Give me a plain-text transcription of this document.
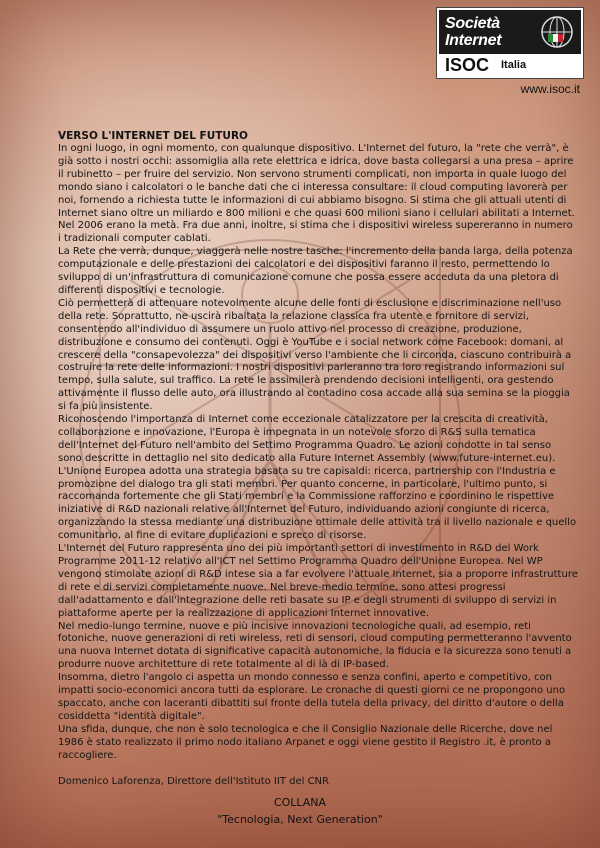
Società
Internet
ISOC Italia
www.isoc.it
VERSO L'INTERNET DEL FUTURO

In ogni luogo, in ogni momento, con qualunque dispositivo. L'Internet del futuro, la "rete che verrà", è già sotto i nostri occhi: assomiglia alla rete elettrica e idrica, dove basta collegarsi a una presa – aprire il rubinetto – per fruire del servizio. Non servono strumenti complicati, non importa in quale luogo del mondo siano i calcolatori o le banche dati che ci interessa consultare: il cloud computing lavorerà per noi, fornendo a richiesta tutte le informazioni di cui abbiamo bisogno. Si stima che gli attuali utenti di Internet siano oltre un miliardo e 800 milioni e che quasi 600 milioni siano i cellulari abilitati a Internet. Nel 2006 erano la metà. Fra due anni, inoltre, si stima che i dispositivi wireless supereranno in numero i tradizionali computer cablati.

La Rete che verrà, dunque, viaggerà nelle nostre tasche: l'incremento della banda larga, della potenza computazionale e delle prestazioni dei calcolatori e dei dispositivi faranno il resto, permettendo lo sviluppo di un'infrastruttura di comunicazione comune che possa essere acceduta da una pletora di differenti dispositivi e tecnologie.

Ciò permetterà di attenuare notevolmente alcune delle fonti di esclusione e discriminazione nell'uso della rete. Soprattutto, ne uscirà ribaltata la relazione classica fra utente e fornitore di servizi, consentendo all'individuo di assumere un ruolo attivo nel processo di creazione, produzione, distribuzione e consumo dei contenuti. Oggi è YouTube e i social network come Facebook: domani, al crescere della "consapevolezza" dei dispositivi verso l'ambiente che li circonda, ciascuno contribuirà a costruire la rete delle informazioni. I nostri dispositivi parleranno tra loro registrando informazioni sul tempo, sulla salute, sul traffico. La rete le assimilerà prendendo decisioni intelligenti, ora gestendo attivamente il flusso delle auto, ora illustrando al contadino cosa accade alla sua semina se la pioggia si fa più insistente.

Riconoscendo l'importanza di Internet come eccezionale catalizzatore per la crescita di creatività, collaborazione e innovazione, l'Europa è impegnata in un notevole sforzo di R&S sulla tematica dell'Internet del Futuro nell'ambito del Settimo Programma Quadro. Le azioni condotte in tal senso sono descritte in dettaglio nel sito dedicato alla Future Internet Assembly (www.future-internet.eu). L'Unione Europea adotta una strategia basata su tre capisaldi: ricerca, partnership con l'Industria e promozione del dialogo tra gli stati membri. Per quanto concerne, in particolare, l'ultimo punto, si raccomanda fortemente che gli Stati membri e la Commissione rafforzino e coordinino le rispettive iniziative di R&D nazionali relative all'Internet del Futuro, individuando azioni congiunte di ricerca, organizzando la stessa mediante una distribuzione ottimale delle attività tra il livello nazionale e quello comunitario, al fine di evitare duplicazioni e spreco di risorse.

L'Internet del Futuro rappresenta uno dei più importanti settori di investimento in R&D del Work Programme 2011-12 relativo all'ICT nel Settimo Programma Quadro dell'Unione Europea. Nel WP vengono stimolate azioni di R&D intese sia a far evolvere l'attuale Internet, sia a proporre infrastrutture di rete e di servizi completamente nuove. Nel breve-medio termine, sono attesi progressi dall'adattamento e dall'integrazione delle reti basate su IP e degli strumenti di sviluppo di servizi in piattaforme aperte per la realizzazione di applicazioni Internet innovative.

Nel medio-lungo termine, nuove e più incisive innovazioni tecnologiche quali, ad esempio, reti fotoniche, nuove generazioni di reti wireless, reti di sensori, cloud computing permetteranno l'avvento una nuova Internet dotata di significative capacità autonomiche, la fiducia e la sicurezza sono tenuti a produrre nuove architetture di rete totalmente al di là di IP-based.

Insomma, dietro l'angolo ci aspetta un mondo connesso e senza confini, aperto e competitivo, con impatti socio-economici ancora tutti da esplorare. Le cronache di questi giorni ce ne propongono uno spaccato, anche con laceranti dibattiti sul fronte della tutela della privacy, del diritto d'autore o della cosiddetta "identità digitale".

Una sfida, dunque, che non è solo tecnologica e che il Consiglio Nazionale delle Ricerche, dove nel 1986 è stato realizzato il primo nodo italiano Arpanet e oggi viene gestito il Registro .it, è pronto a raccogliere.

Domenico Laforenza, Direttore dell'Istituto IIT del CNR

COLLANA
"Tecnologia, Next Generation"
